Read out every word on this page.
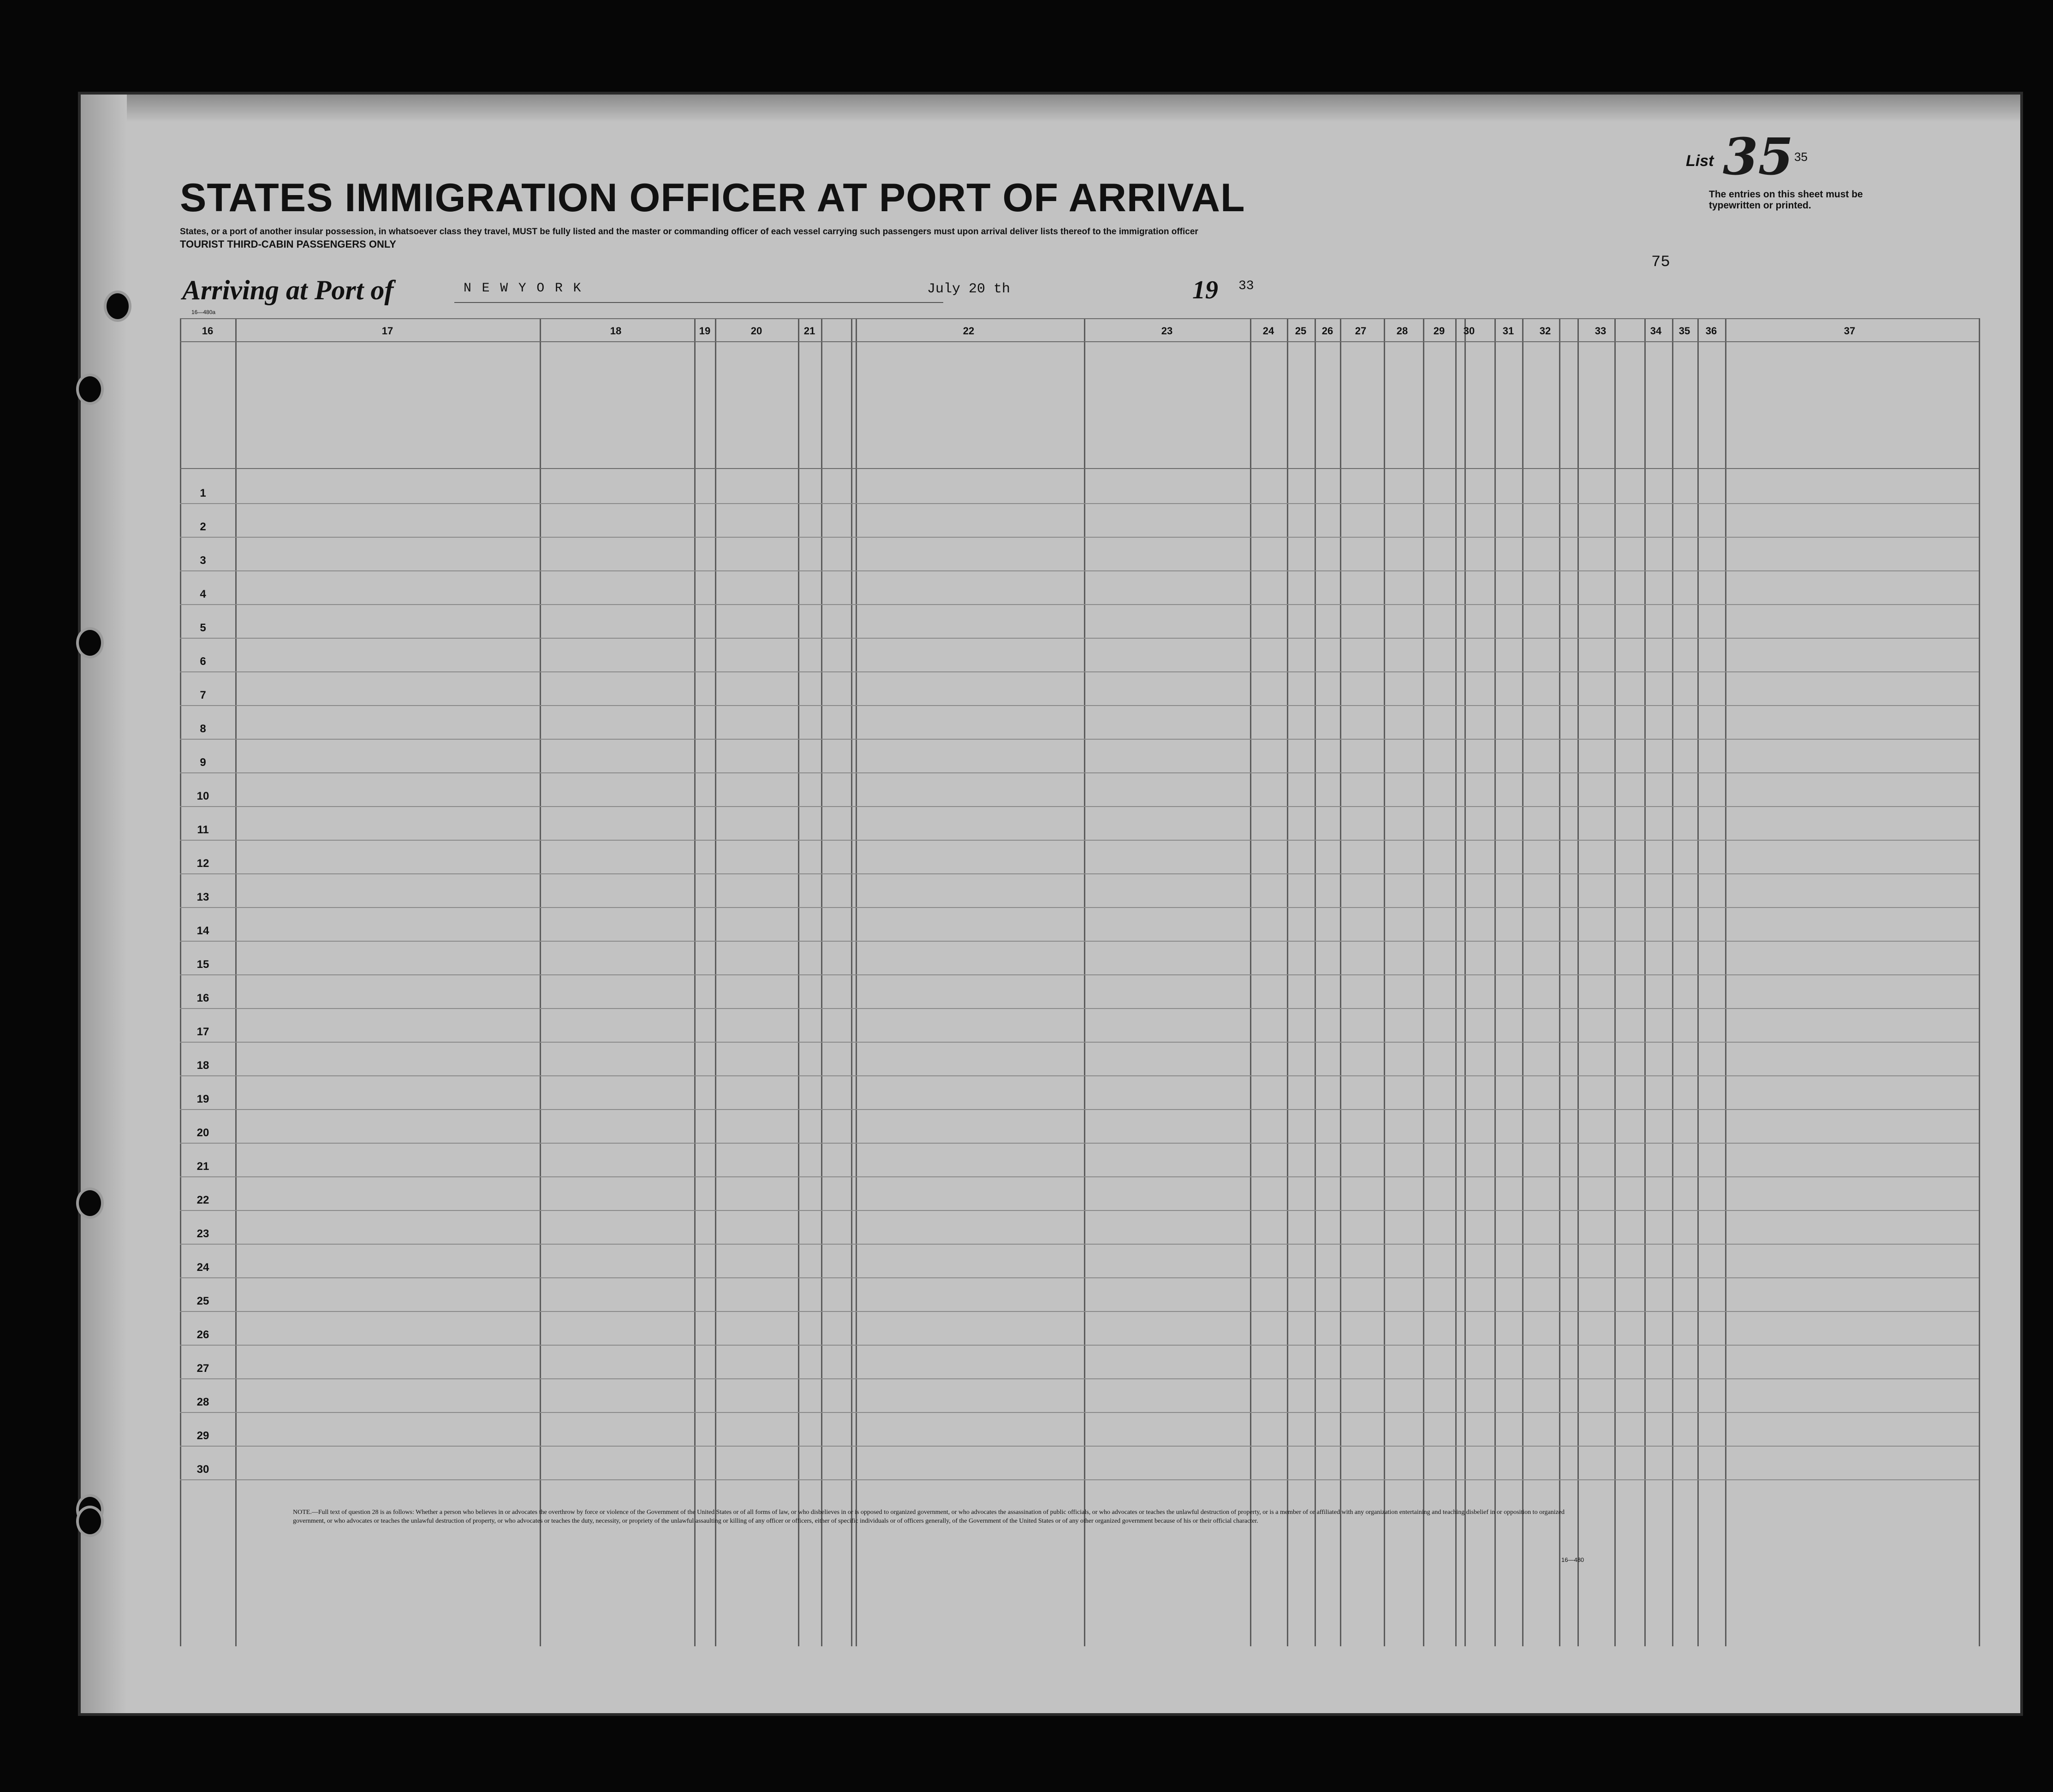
STATES IMMIGRATION OFFICER AT PORT OF ARRIVAL
States, or a port of another insular possession, in whatsoever class they travel, MUST be fully listed and the master or commanding officer of each vessel carrying such passengers must upon arrival deliver lists thereof to the immigration officer
TOURIST THIRD-CABIN PASSENGERS ONLY
List 35 35
The entries on this sheet must be typewritten or printed.
75
Arriving at Port of	N E W Y O R K	July 20 th	19 33
16—480a
16	17	18	19	20	21	22	23	24	25	26	27	28	29	30	31	32	33	34	35	36	37
1
2
3
4
5
6
7
8
9
10
11
12
13
14
15
16
17
18
19
20
21
22
23
24
25
26
27
28
29
30
NOTE.—Full text of question 28 is as follows: Whether a person who believes in or advocates the overthrow by force or violence of the Government of the United States or of all forms of law, or who disbelieves in or is opposed to organized government, or who advocates the assassination of public officials, or who advocates or teaches the unlawful destruction of property, or is a member of or affiliated with any organization entertaining and teaching disbelief in or opposition to organized government, or who advocates or teaches the unlawful destruction of property, or who advocates or teaches the duty, necessity, or propriety of the unlawful assaulting or killing of any officer or officers, either of specific individuals or of officers generally, of the Government of the United States or of any other organized government because of his or their official character.
16—480
